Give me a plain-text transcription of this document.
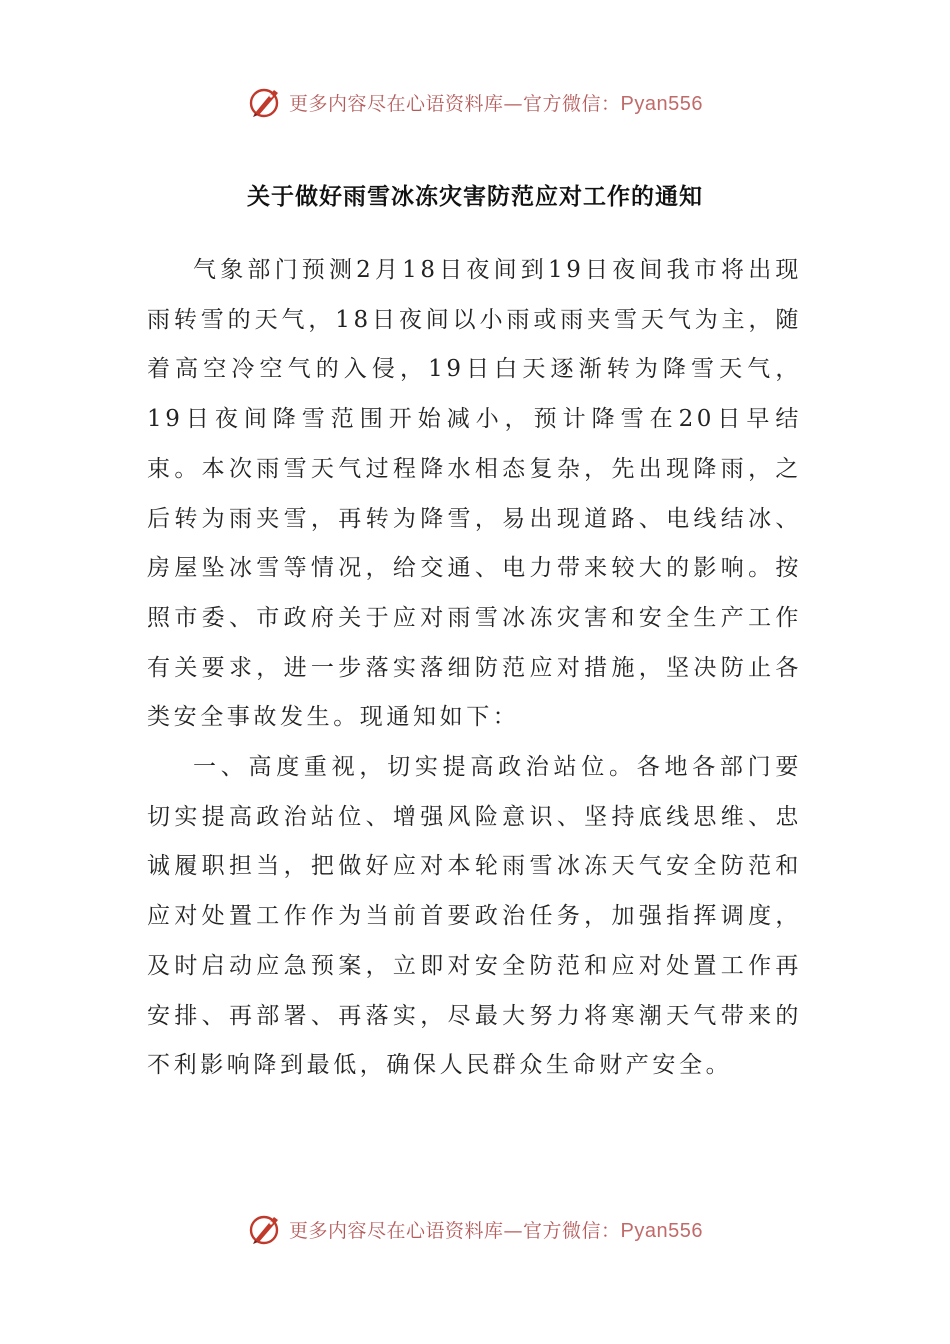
更多内容尽在心语资料库—官方微信：Pyan556
关于做好雨雪冰冻灾害防范应对工作的通知

气象部门预测2月18日夜间到19日夜间我市将出现雨转雪的天气，18日夜间以小雨或雨夹雪天气为主，随着高空冷空气的入侵，19日白天逐渐转为降雪天气，19日夜间降雪范围开始减小，预计降雪在20日早结束。本次雨雪天气过程降水相态复杂，先出现降雨，之后转为雨夹雪，再转为降雪，易出现道路、电线结冰、房屋坠冰雪等情况，给交通、电力带来较大的影响。按照市委、市政府关于应对雨雪冰冻灾害和安全生产工作有关要求，进一步落实落细防范应对措施，坚决防止各类安全事故发生。现通知如下：

一、高度重视，切实提高政治站位。各地各部门要切实提高政治站位、增强风险意识、坚持底线思维、忠诚履职担当，把做好应对本轮雨雪冰冻天气安全防范和应对处置工作作为当前首要政治任务，加强指挥调度，及时启动应急预案，立即对安全防范和应对处置工作再安排、再部署、再落实，尽最大努力将寒潮天气带来的不利影响降到最低，确保人民群众生命财产安全。

更多内容尽在心语资料库—官方微信：Pyan556
